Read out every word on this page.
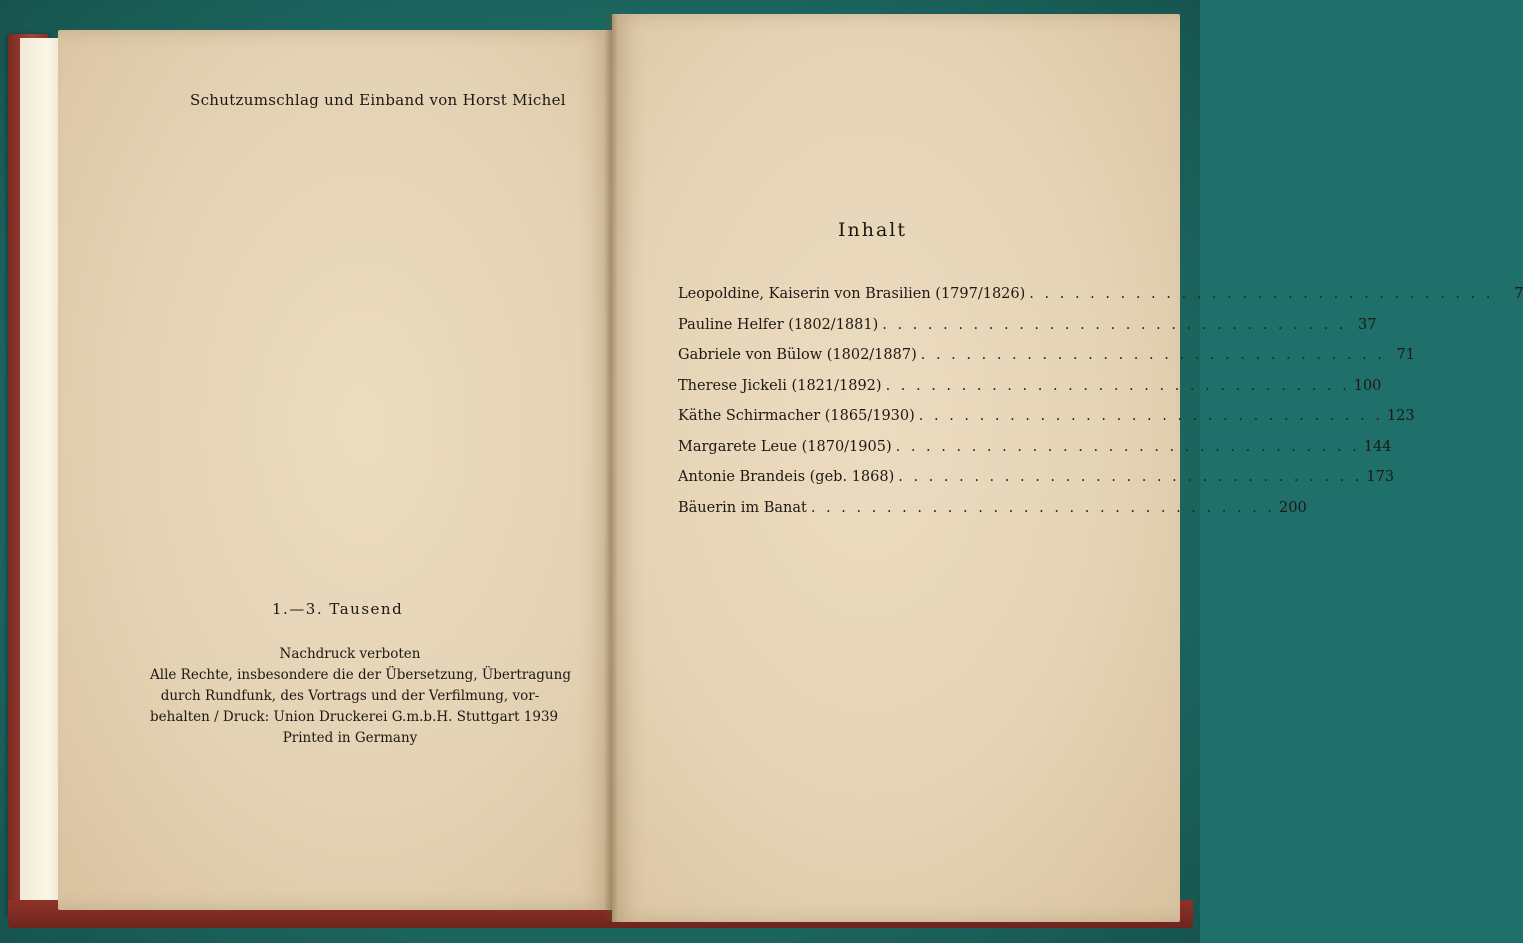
Schutzumschlag und Einband von Horst Michel
1.—3. Tausend
Nachdruck verboten
Alle Rechte, insbesondere die der Übersetzung, Übertragung
durch Rundfunk, des Vortrags und der Verfilmung, vor-
behalten / Druck: Union Druckerei G.m.b.H. Stuttgart 1939
Printed in Germany
Inhalt
Leopoldine, Kaiserin von Brasilien (1797/1826) . . . . . . . . . . . . . . . . . . . . . . . . . . . . . . .	7
Pauline Helfer (1802/1881) . . . . . . . . . . . . . . . . . . . . . . . . . . . . . . . 37
Gabriele von Bülow (1802/1887) . . . . . . . . . . . . . . . . . . . . . . . . . . . . . . . 71
Therese Jickeli (1821/1892) . . . . . . . . . . . . . . . . . . . . . . . . . . . . . . . 100
Käthe Schirmacher (1865/1930) . . . . . . . . . . . . . . . . . . . . . . . . . . . . . . . 123
Margarete Leue (1870/1905) . . . . . . . . . . . . . . . . . . . . . . . . . . . . . . . 144
Antonie Brandeis (geb. 1868) . . . . . . . . . . . . . . . . . . . . . . . . . . . . . . . 173
Bäuerin im Banat . . . . . . . . . . . . . . . . . . . . . . . . . . . . . . . 200
